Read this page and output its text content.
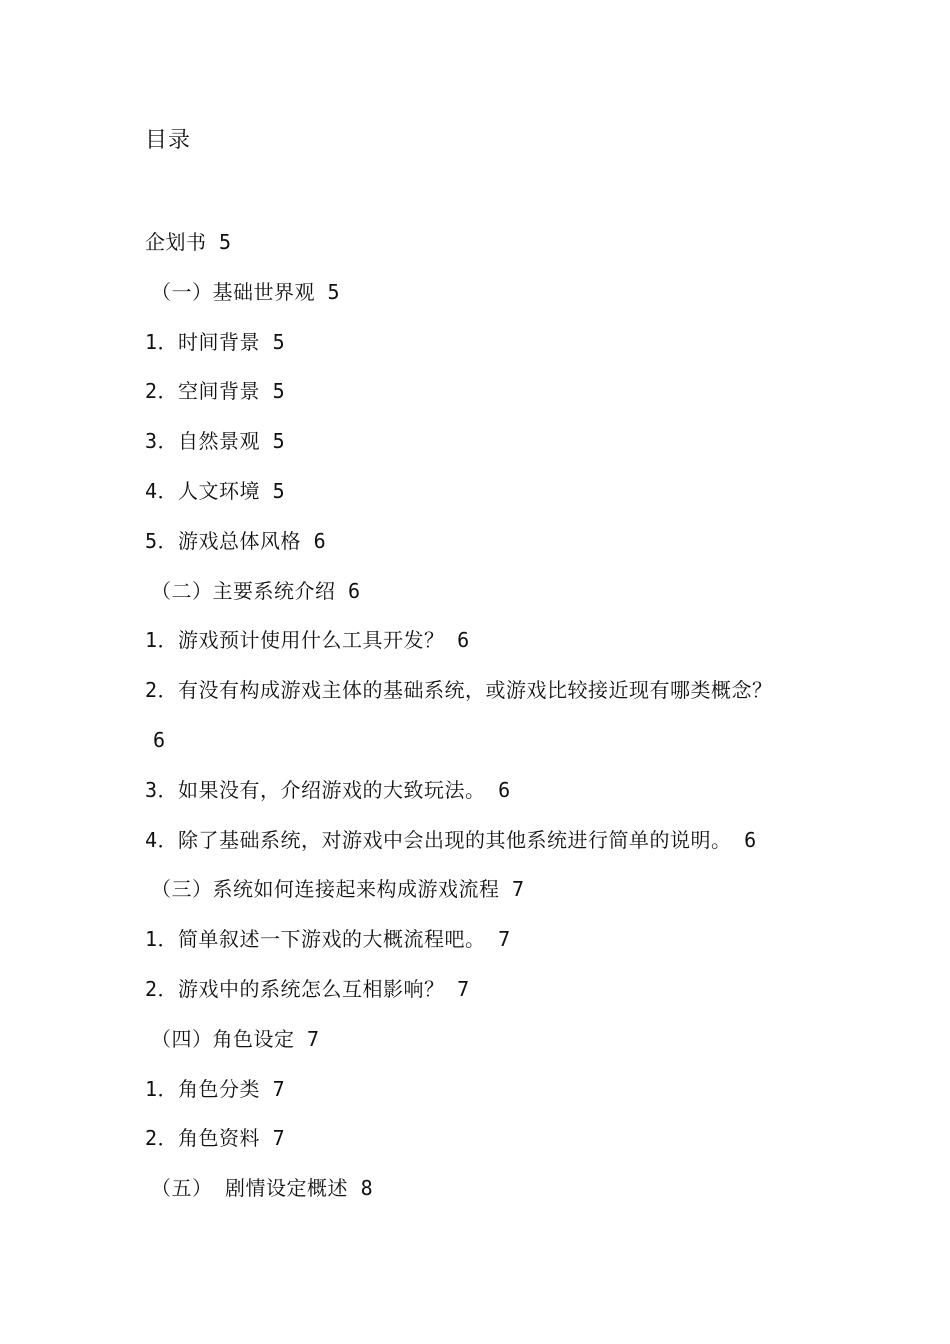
目录
企划书 5
（一）基础世界观 5
1．时间背景 5
2．空间背景 5
3．自然景观 5
4．人文环境 5
5．游戏总体风格 6
（二）主要系统介绍 6
1．游戏预计使用什么工具开发？ 6
2．有没有构成游戏主体的基础系统，或游戏比较接近现有哪类概念？
6
3．如果没有，介绍游戏的大致玩法。 6
4．除了基础系统，对游戏中会出现的其他系统进行简单的说明。 6
（三）系统如何连接起来构成游戏流程 7
1．简单叙述一下游戏的大概流程吧。 7
2．游戏中的系统怎么互相影响？ 7
（四）角色设定 7
1．角色分类 7
2．角色资料 7
（五） 剧情设定概述 8
